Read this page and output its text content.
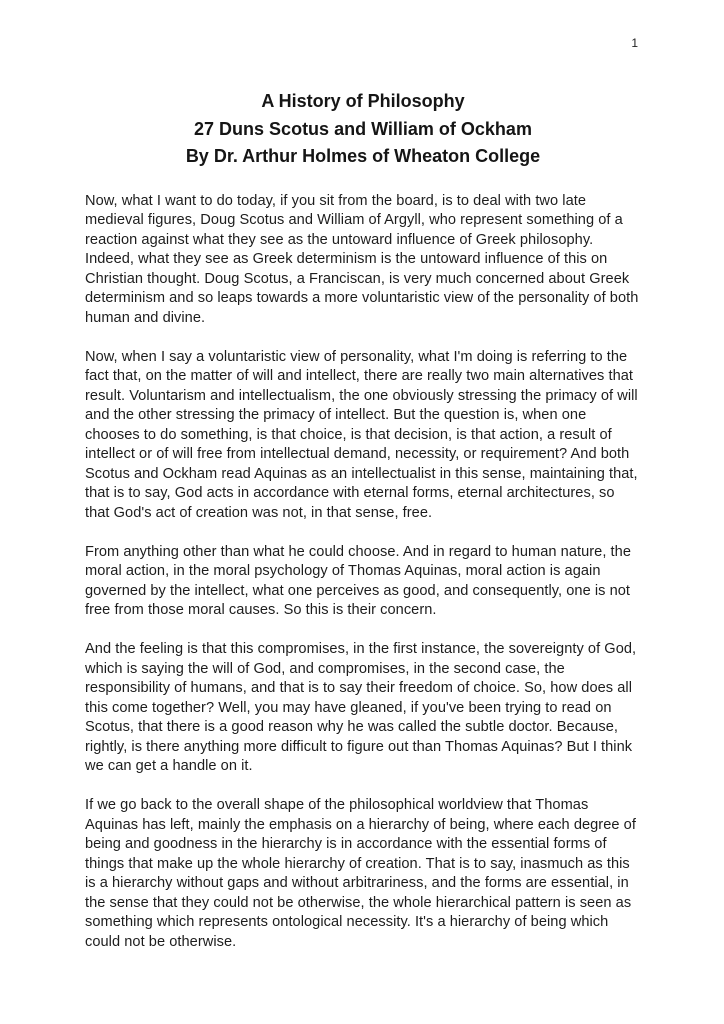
1
A History of Philosophy
27 Duns Scotus and William of Ockham
By Dr. Arthur Holmes of Wheaton College

Now, what I want to do today, if you sit from the board, is to deal with two late medieval figures, Doug Scotus and William of Argyll, who represent something of a reaction against what they see as the untoward influence of Greek philosophy. Indeed, what they see as Greek determinism is the untoward influence of this on Christian thought. Doug Scotus, a Franciscan, is very much concerned about Greek determinism and so leaps towards a more voluntaristic view of the personality of both human and divine.

Now, when I say a voluntaristic view of personality, what I'm doing is referring to the fact that, on the matter of will and intellect, there are really two main alternatives that result. Voluntarism and intellectualism, the one obviously stressing the primacy of will and the other stressing the primacy of intellect. But the question is, when one chooses to do something, is that choice, is that decision, is that action, a result of intellect or of will free from intellectual demand, necessity, or requirement? And both Scotus and Ockham read Aquinas as an intellectualist in this sense, maintaining that, that is to say, God acts in accordance with eternal forms, eternal architectures, so that God's act of creation was not, in that sense, free.

From anything other than what he could choose. And in regard to human nature, the moral action, in the moral psychology of Thomas Aquinas, moral action is again governed by the intellect, what one perceives as good, and consequently, one is not free from those moral causes. So this is their concern.

And the feeling is that this compromises, in the first instance, the sovereignty of God, which is saying the will of God, and compromises, in the second case, the responsibility of humans, and that is to say their freedom of choice. So, how does all this come together? Well, you may have gleaned, if you've been trying to read on Scotus, that there is a good reason why he was called the subtle doctor. Because, rightly, is there anything more difficult to figure out than Thomas Aquinas? But I think we can get a handle on it.

If we go back to the overall shape of the philosophical worldview that Thomas Aquinas has left, mainly the emphasis on a hierarchy of being, where each degree of being and goodness in the hierarchy is in accordance with the essential forms of things that make up the whole hierarchy of creation. That is to say, inasmuch as this is a hierarchy without gaps and without arbitrariness, and the forms are essential, in the sense that they could not be otherwise, the whole hierarchical pattern is seen as something which represents ontological necessity. It's a hierarchy of being which could not be otherwise.
